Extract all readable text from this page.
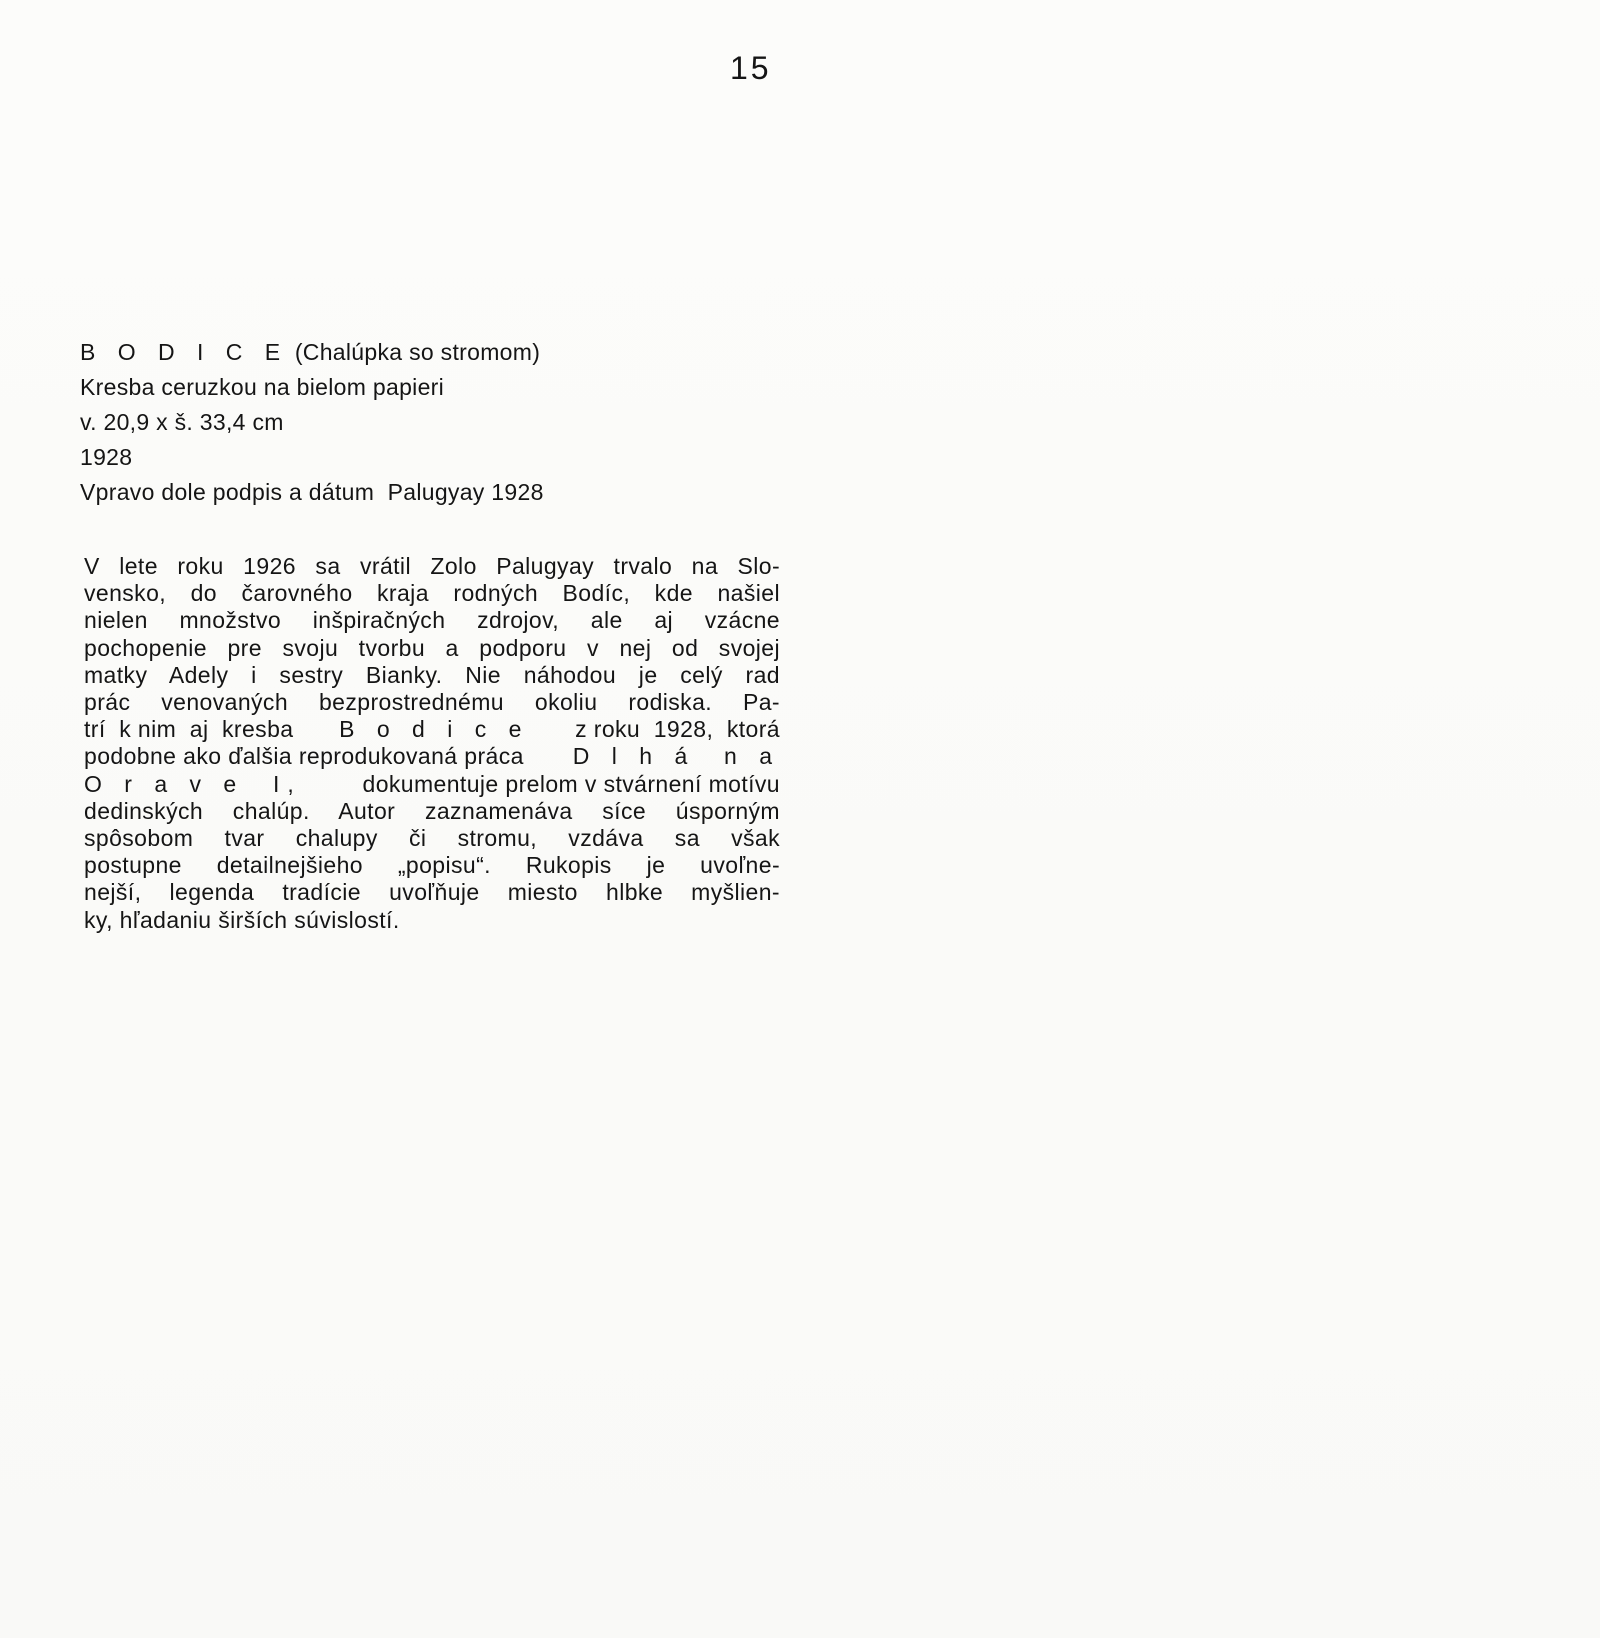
15
B O D I C E (Chalúpka so stromom)
Kresba ceruzkou na bielom papieri
v. 20,9 x š. 33,4 cm
1928
Vpravo dole podpis a dátum  Palugyay 1928
V lete roku 1926 sa vrátil Zolo Palugyay trvalo na Slo-
vensko, do čarovného kraja rodných Bodíc, kde našiel
nielen množstvo inšpiračných zdrojov, ale aj vzácne
pochopenie pre svoju tvorbu a podporu v nej od svojej
matky Adely i sestry Bianky. Nie náhodou je celý rad
prác venovaných bezprostrednému okoliu rodiska. Pa-
trí  k nim  aj  kresba B o d i c e z roku  1928,  ktorá
podobne ako ďalšia reprodukovaná práca D l h á  n a
O r a v e  I,	dokumentuje prelom v stvárnení motívu
dedinských chalúp. Autor zaznamenáva síce úsporným
spôsobom  tvar  chalupy  či  stromu,  vzdáva  sa  však
postupne detailnejšieho „popisu“. Rukopis je uvoľne-
nejší, legenda tradície uvoľňuje miesto hlbke myšlien-
ky, hľadaniu širších súvislostí.
